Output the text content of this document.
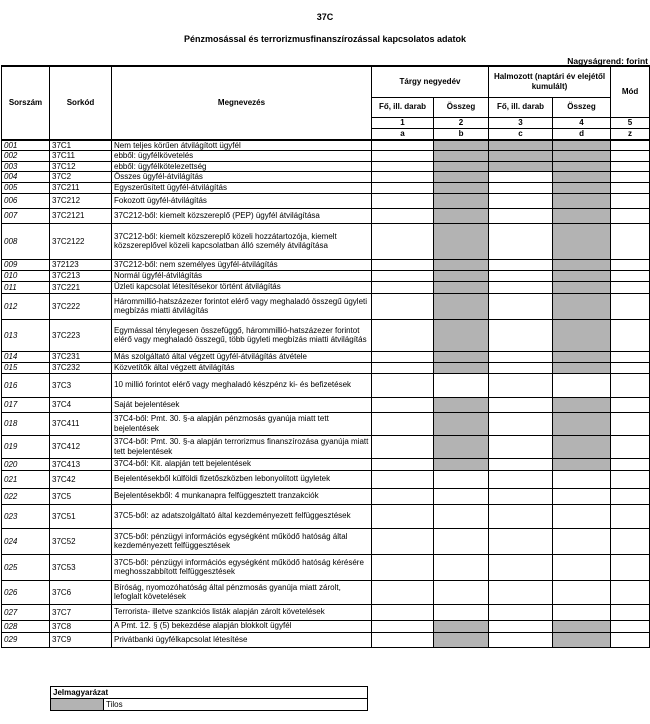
37C
Pénzmosással és terrorizmusfinanszírozással kapcsolatos adatok
Nagyságrend: forint
Sorszám	Sorkód	Megnevezés	Tárgy negyedév		Halmozott (naptári év elejétől kumulált)		Mód
			Fő, ill. darab	Összeg	Fő, ill. darab	Összeg	
			1	2	3	4	5
			a	b	c	d	z
001	37C1	Nem teljes körűen átvilágított ügyfél					
002	37C11	ebből: ügyfélkövetelés					
003	37C12	ebből: ügyfélkötelezettség					
004	37C2	Összes ügyfél-átvilágítás					
005	37C211	Egyszerűsített ügyfél-átvilágítás					
006	37C212	Fokozott ügyfél-átvilágítás					
007	37C2121	37C212-ből: kiemelt közszereplő (PEP) ügyfél átvilágítása					
008	37C2122	37C212-ből: kiemelt közszereplő közeli hozzátartozója, kiemelt közszereplővel közeli kapcsolatban álló személy átvilágítása					
009	372123	37C212-ből: nem személyes ügyfél-átvilágítás					
010	37C213	Normál ügyfél-átvilágítás					
011	37C221	Üzleti kapcsolat létesítésekor történt átvilágítás					
012	37C222	Hárommillió-hatszázezer forintot elérő vagy meghaladó összegű ügyleti megbízás miatti átvilágítás					
013	37C223	Egymással ténylegesen összefüggő, hárommillió-hatszázezer forintot elérő vagy meghaladó összegű, több ügyleti megbízás miatti átvilágítás					
014	37C231	Más szolgáltató által végzett ügyfél-átvilágítás átvétele					
015	37C232	Közvetítők által végzett átvilágítás					
016	37C3	10 millió forintot elérő vagy meghaladó készpénz ki- és befizetések					
017	37C4	Saját bejelentések					
018	37C411	37C4-ből: Pmt. 30. §-a alapján pénzmosás gyanúja miatt tett bejelentések					
019	37C412	37C4-ből: Pmt. 30. §-a alapján terrorizmus finanszírozása gyanúja miatt tett bejelentések					
020	37C413	37C4-ből: Kit. alapján tett bejelentések					
021	37C42	Bejelentésekből külföldi fizetőszközben lebonyolított ügyletek					
022	37C5	Bejelentésekből: 4 munkanapra felfüggesztett tranzakciók					
023	37C51	37C5-ből: az adatszolgáltató által kezdeményezett felfüggesztések					
024	37C52	37C5-ből: pénzügyi információs egységként működő hatóság által kezdeményezett felfüggesztések					
025	37C53	37C5-ből: pénzügyi információs egységként működő hatóság kérésére meghosszabbított felfüggesztések					
026	37C6	Bíróság, nyomozóhatóság által pénzmosás gyanúja miatt zárolt, lefoglalt követelések					
027	37C7	Terrorista- illetve szankciós listák alapján zárolt követelések					
028	37C8	A Pmt. 12. § (5) bekezdése alapján blokkolt ügyfél					
029	37C9	Privátbanki ügyfélkapcsolat létesítése					
Jelmagyarázat
	Tilos
